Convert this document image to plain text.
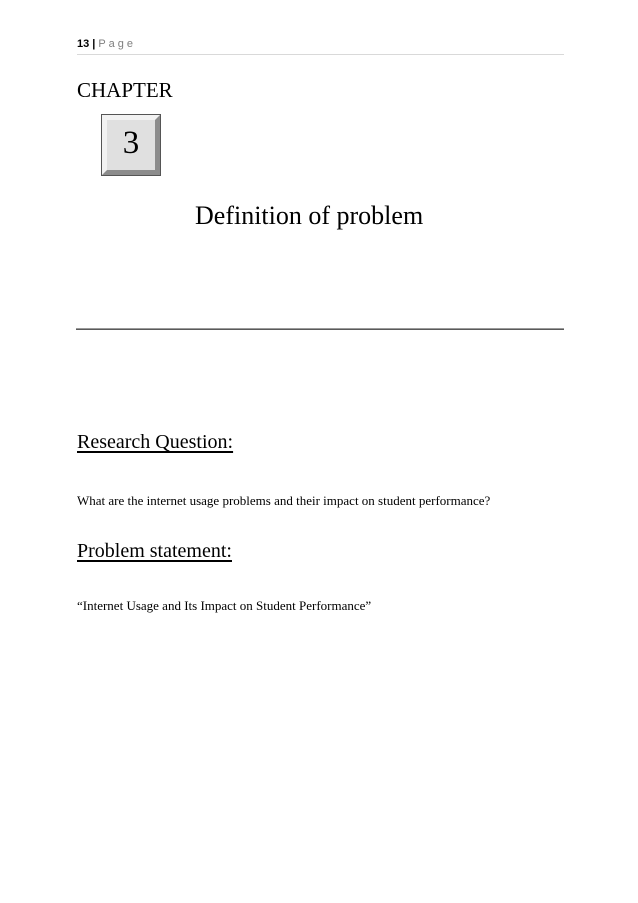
13 | Page
CHAPTER
3
Definition of problem
Research Question:
What are the internet usage problems and their impact on student performance?
Problem statement:
“Internet Usage and Its Impact on Student Performance”
